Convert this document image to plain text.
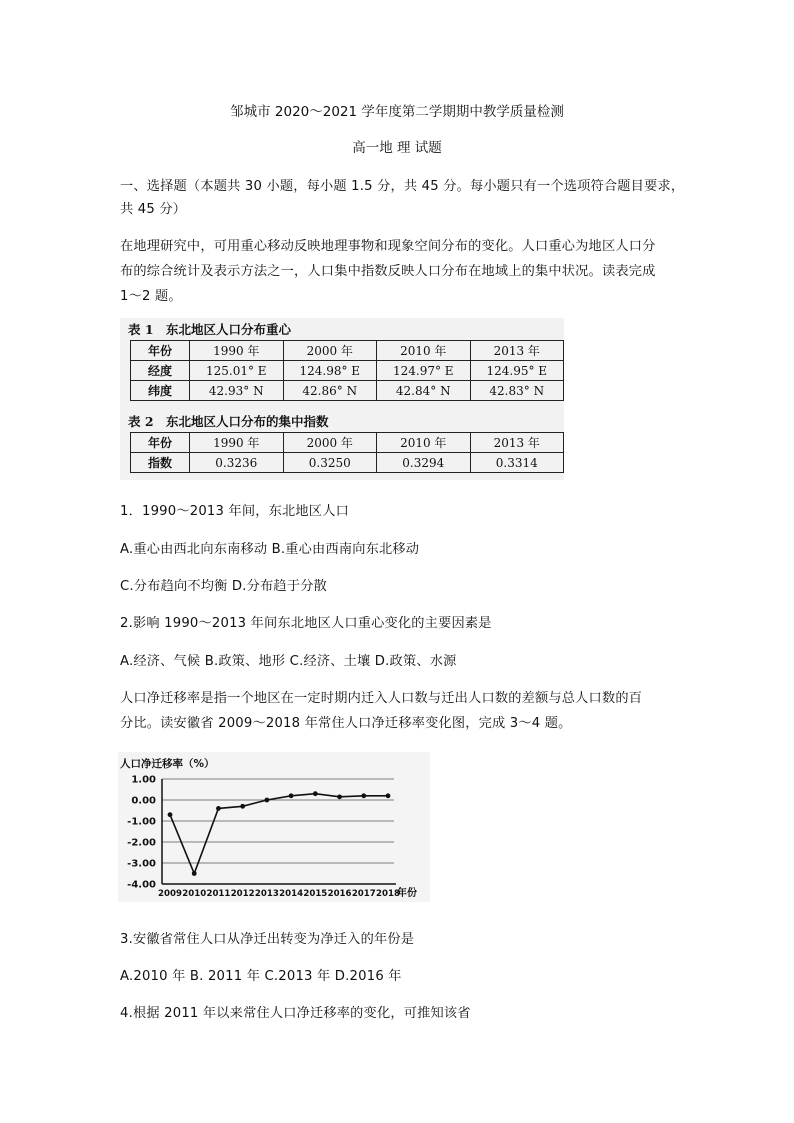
邹城市 2020～2021 学年度第二学期期中教学质量检测
高一地 理 试题
一、选择题（本题共 30 小题，每小题 1.5 分，共 45 分。每小题只有一个选项符合题目要求，
共 45 分）
在地理研究中，可用重心移动反映地理事物和现象空间分布的变化。人口重心为地区人口分
布的综合统计及表示方法之一，人口集中指数反映人口分布在地域上的集中状况。读表完成
1～2 题。
表 1　东北地区人口分布重心
年份	1990 年	2000 年	2010 年	2013 年
经度	125.01° E	124.98° E	124.97° E	124.95° E
纬度	42.93° N	42.86° N	42.84° N	42.83° N
表 2　东北地区人口分布的集中指数
年份	1990 年	2000 年	2010 年	2013 年
指数	0.3236	0.3250	0.3294	0.3314
1．1990～2013 年间，东北地区人口
A.重心由西北向东南移动 B.重心由西南向东北移动
C.分布趋向不均衡 D.分布趋于分散
2.影响 1990～2013 年间东北地区人口重心变化的主要因素是
A.经济、气候 B.政策、地形 C.经济、土壤 D.政策、水源
人口净迁移率是指一个地区在一定时期内迁入人口数与迁出人口数的差额与总人口数的百
分比。读安徽省 2009～2018 年常住人口净迁移率变化图，完成 3～4 题。
人口净迁移率（%）
1.00
0.00
-1.00
-2.00
-3.00
-4.00
2009 2010 2011 2012 2013 2014 2015 2016 2017 2018
年份
3.安徽省常住人口从净迁出转变为净迁入的年份是
A.2010 年 B. 2011 年 C.2013 年 D.2016 年
4.根据 2011 年以来常住人口净迁移率的变化，可推知该省
